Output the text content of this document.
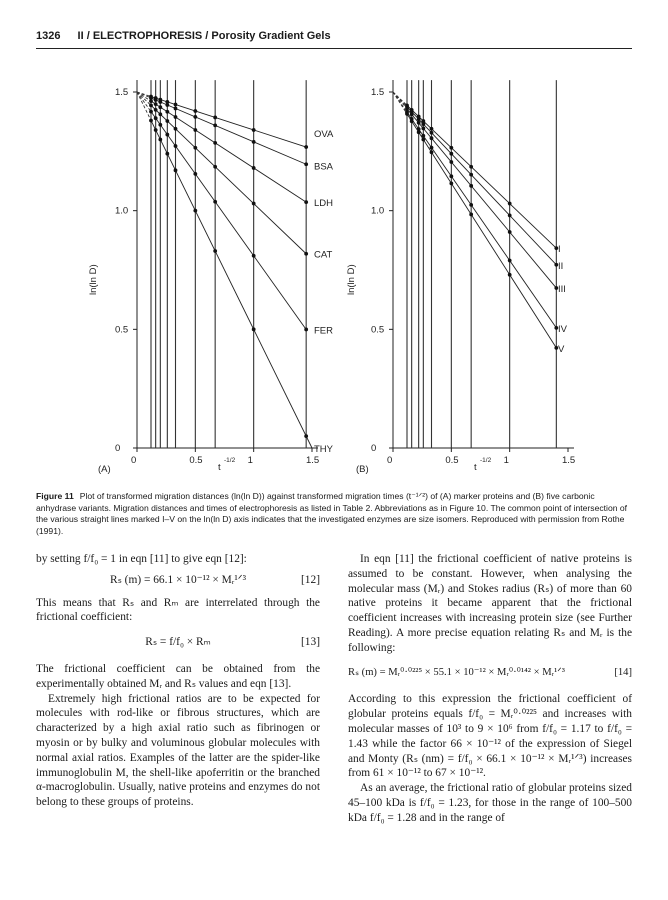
1326 II / ELECTROPHORESIS / Porosity Gradient Gels
(A)
ln(ln D)
t
-1/2
1.5
1.0
0.5
0
0	0.5	1	1.5
OVA
BSA
LDH
CAT
FER
THY
(B)
ln(ln D)
t
-1/2
1.5
1.0
0.5
0
0	0.5	1	1.5
I
II
III
IV
V
Figure 11 Plot of transformed migration distances (ln(ln D)) against transformed migration times (t⁻¹ᐟ²) of (A) marker proteins and (B) five carbonic anhydrase variants. Migration distances and times of electrophoresis as listed in Table 2. Abbreviations as in Figure 10. The common point of intersection of the various straight lines marked I–V on the ln(ln D) axis indicates that the investigated enzymes are size isomers. Reproduced with permission from Rothe (1991).

by setting f/f₀ = 1 in eqn [11] to give eqn [12]:

Rₛ (m) = 66.1 × 10⁻¹² × Mᵣ¹ᐟ³	[12]

This means that Rₛ and Rₘ are interrelated through the frictional coefficient:

Rₛ = f/f₀ × Rₘ	[13]

The frictional coefficient can be obtained from the experimentally obtained Mᵣ and Rₛ values and eqn [13].

Extremely high frictional ratios are to be expected for molecules with rod-like or fibrous structures, which are characterized by a high axial ratio such as fibrinogen or myosin or by bulky and voluminous globular molecules with normal axial ratios. Examples of the latter are the spider-like immunoglobulin M, the shell-like apoferritin or the branched α-macroglobulin. Usually, native proteins and enzymes do not belong to these groups of proteins.

In eqn [11] the frictional coefficient of native proteins is assumed to be constant. However, when analysing the molecular mass (Mᵣ) and Stokes radius (Rₛ) of more than 60 native proteins it became apparent that the frictional coefficient increases with increasing protein size (see Further Reading). A more precise equation relating Rₛ and Mᵣ is the following:

Rₛ (m) = Mᵣ⁰·⁰²²⁵ × 55.1 × 10⁻¹² × Mᵣ⁰·⁰¹⁴² × Mᵣ¹ᐟ³	[14]

According to this expression the frictional coefficient of globular proteins equals f/f₀ = Mᵣ⁰·⁰²²⁵ and increases with molecular masses of 10³ to 9 × 10⁶ from f/f₀ = 1.17 to f/f₀ = 1.43 while the factor 66 × 10⁻¹² of the expression of Siegel and Monty (Rₛ (nm) = f/f₀ × 66.1 × 10⁻¹² × Mᵣ¹ᐟ³) increases from 61 × 10⁻¹² to 67 × 10⁻¹².

As an average, the frictional ratio of globular proteins sized 45–100 kDa is f/f₀ = 1.23, for those in the range of 100–500 kDa f/f₀ = 1.28 and in the range of
